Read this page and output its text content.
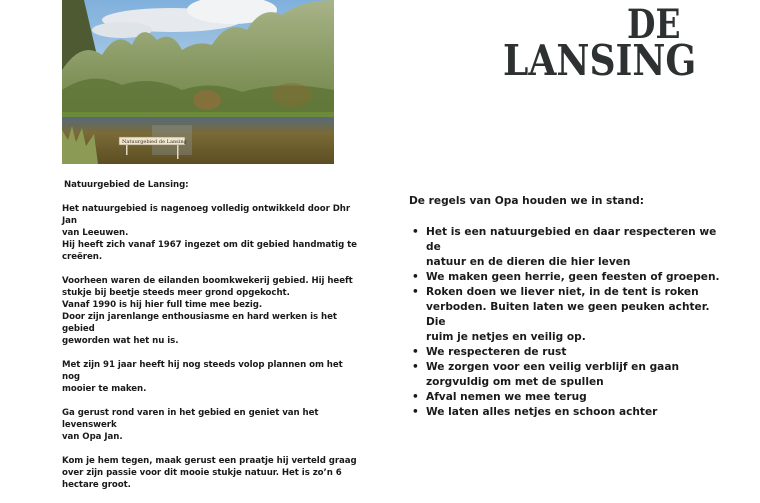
Natuurgebied de Lansing
DE
LANSING
Natuurgebied de Lansing:

Het natuurgebied is nagenoeg volledig ontwikkeld door Dhr Jan
van Leeuwen.
Hij heeft zich vanaf 1967 ingezet om dit gebied handmatig te
creëren.

Voorheen waren de eilanden boomkwekerij gebied. Hij heeft
stukje bij beetje steeds meer grond opgekocht.
Vanaf 1990 is hij hier full time mee bezig.
Door zijn jarenlange enthousiasme en hard werken is het gebied
geworden wat het nu is.

Met zijn 91 jaar heeft hij nog steeds volop plannen om het nog
mooier te maken.

Ga gerust rond varen in het gebied en geniet van het levenswerk
van Opa Jan.

Kom je hem tegen, maak gerust een praatje hij verteld graag
over zijn passie voor dit mooie stukje natuur. Het is zo’n 6
hectare groot.

De regels van Opa houden we in stand:
• Het is een natuurgebied en daar respecteren we de
natuur en de dieren die hier leven
• We maken geen herrie, geen feesten of groepen.
• Roken doen we liever niet, in de tent is roken
verboden. Buiten laten we geen peuken achter. Die
ruim je netjes en veilig op.
• We respecteren de rust
• We zorgen voor een veilig verblijf en gaan
zorgvuldig om met de spullen
• Afval nemen we mee terug
• We laten alles netjes en schoon achter
